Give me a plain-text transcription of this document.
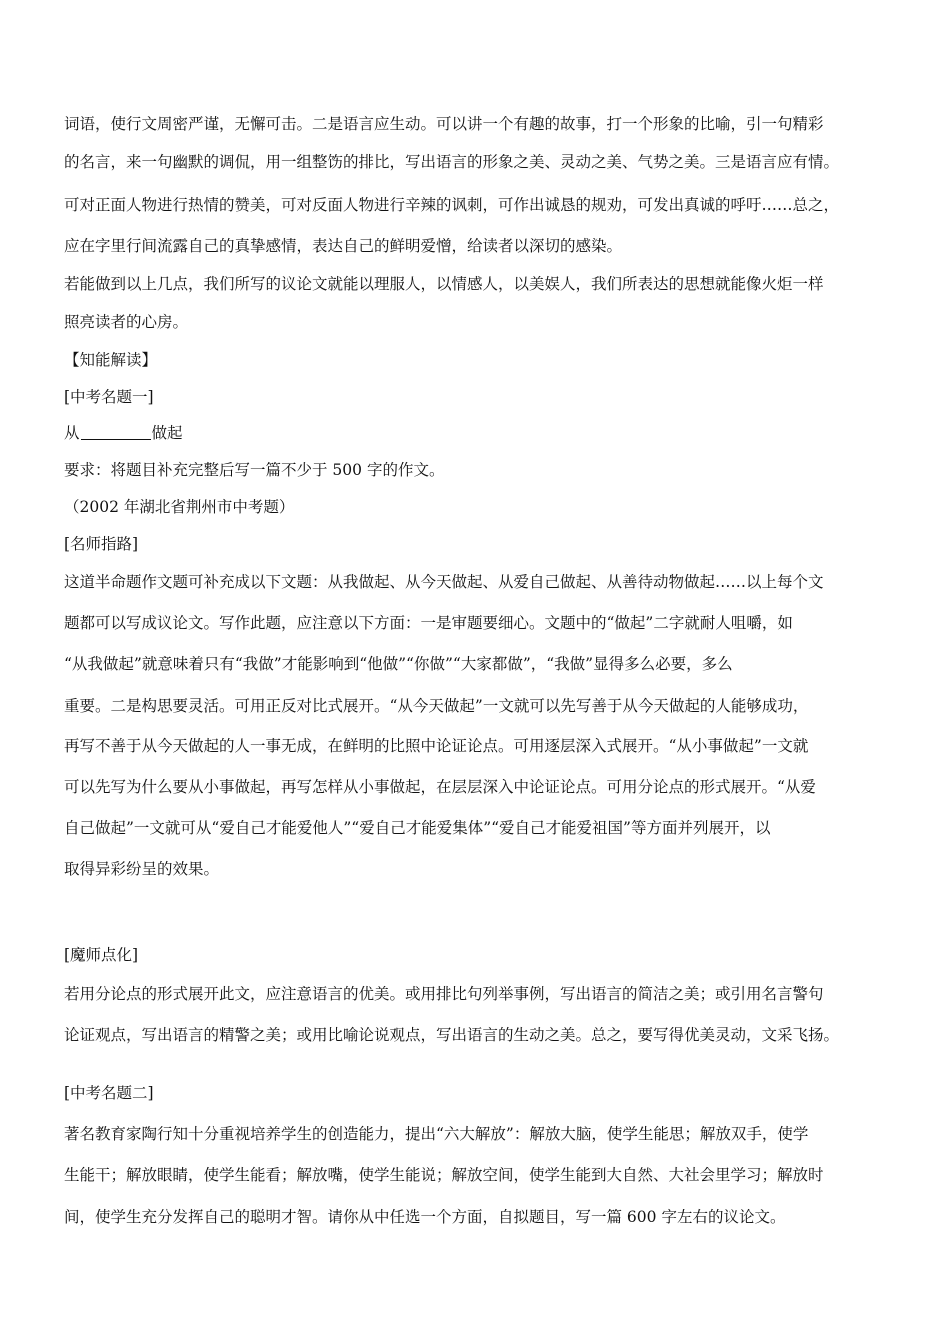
词语，使行文周密严谨，无懈可击。二是语言应生动。可以讲一个有趣的故事，打一个形象的比喻，引一句精彩
的名言，来一句幽默的调侃，用一组整饬的排比，写出语言的形象之美、灵动之美、气势之美。三是语言应有情。
可对正面人物进行热情的赞美，可对反面人物进行辛辣的讽刺，可作出诚恳的规劝，可发出真诚的呼吁……总之，
应在字里行间流露自己的真挚感情，表达自己的鲜明爱憎，给读者以深切的感染。
若能做到以上几点，我们所写的议论文就能以理服人，以情感人，以美娱人，我们所表达的思想就能像火炬一样
照亮读者的心房。
【知能解读】
[中考名题一]
从	做起
要求：将题目补充完整后写一篇不少于 500 字的作文。
（2002 年湖北省荆州市中考题）
[名师指路]
这道半命题作文题可补充成以下文题：从我做起、从今天做起、从爱自己做起、从善待动物做起……以上每个文
题都可以写成议论文。写作此题，应注意以下方面：一是审题要细心。文题中的“做起”二字就耐人咀嚼，如
“从我做起”就意味着只有“我做”才能影响到“他做”“你做”“大家都做”，“我做”显得多么必要，多么
重要。二是构思要灵活。可用正反对比式展开。“从今天做起”一文就可以先写善于从今天做起的人能够成功，
再写不善于从今天做起的人一事无成，在鲜明的比照中论证论点。可用逐层深入式展开。“从小事做起”一文就
可以先写为什么要从小事做起，再写怎样从小事做起，在层层深入中论证论点。可用分论点的形式展开。“从爱
自己做起”一文就可从“爱自己才能爱他人”“爱自己才能爱集体”“爱自己才能爱祖国”等方面并列展开，以
取得异彩纷呈的效果。
[魔师点化]
若用分论点的形式展开此文，应注意语言的优美。或用排比句列举事例，写出语言的简洁之美；或引用名言警句
论证观点，写出语言的精警之美；或用比喻论说观点，写出语言的生动之美。总之，要写得优美灵动，文采飞扬。
[中考名题二]
著名教育家陶行知十分重视培养学生的创造能力，提出“六大解放”：解放大脑，使学生能思；解放双手，使学
生能干；解放眼睛，使学生能看；解放嘴，使学生能说；解放空间，使学生能到大自然、大社会里学习；解放时
间，使学生充分发挥自己的聪明才智。请你从中任选一个方面，自拟题目，写一篇 600 字左右的议论文。
